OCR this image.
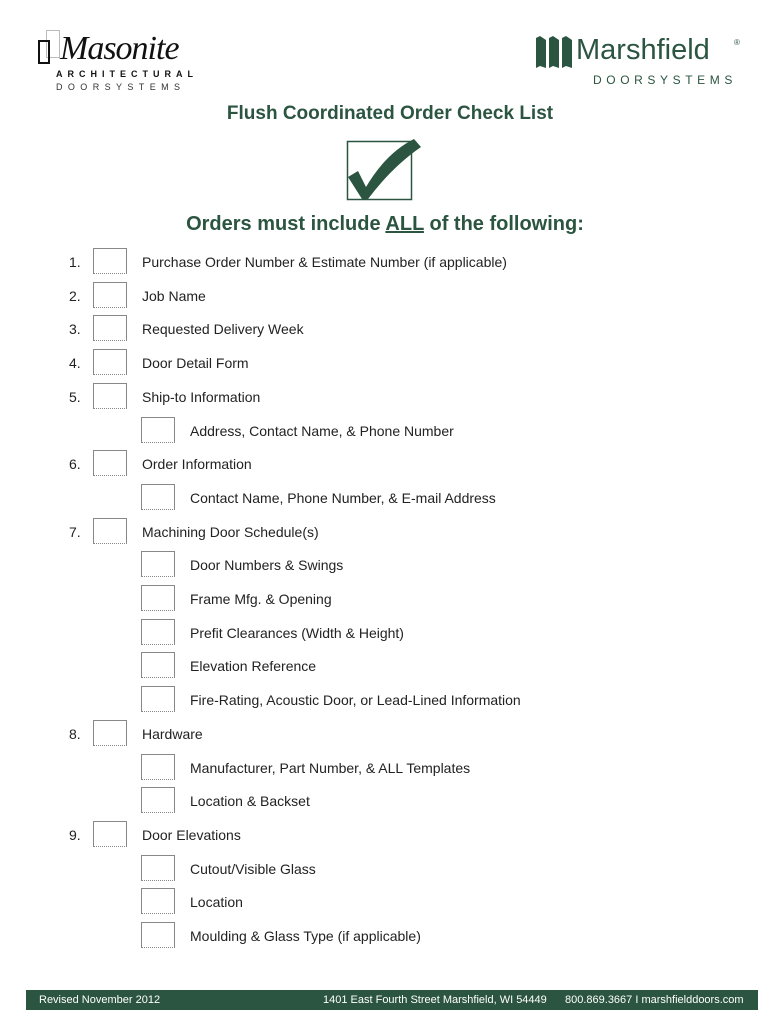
Masonite
ARCHITECTURAL
DOORSYSTEMS
Marshfield	®
DOORSYSTEMS
Flush Coordinated Order Check List
Orders must include ALL of the following:
1.	Purchase Order Number & Estimate Number (if applicable)
2.	Job Name
3.	Requested Delivery Week
4.	Door Detail Form
5.	Ship-to Information
Address, Contact Name, & Phone Number
6.	Order Information
Contact Name, Phone Number, & E-mail Address
7.	Machining Door Schedule(s)
Door Numbers & Swings
Frame Mfg. & Opening
Prefit Clearances (Width & Height)
Elevation Reference
Fire-Rating, Acoustic Door, or Lead-Lined Information
8.	Hardware
Manufacturer, Part Number, & ALL Templates
Location & Backset
9.	Door Elevations
Cutout/Visible Glass
Location
Moulding & Glass Type (if applicable)
Revised November 2012	1401 East Fourth Street Marshfield, WI 54449 800.869.3667 I marshfielddoors.com
